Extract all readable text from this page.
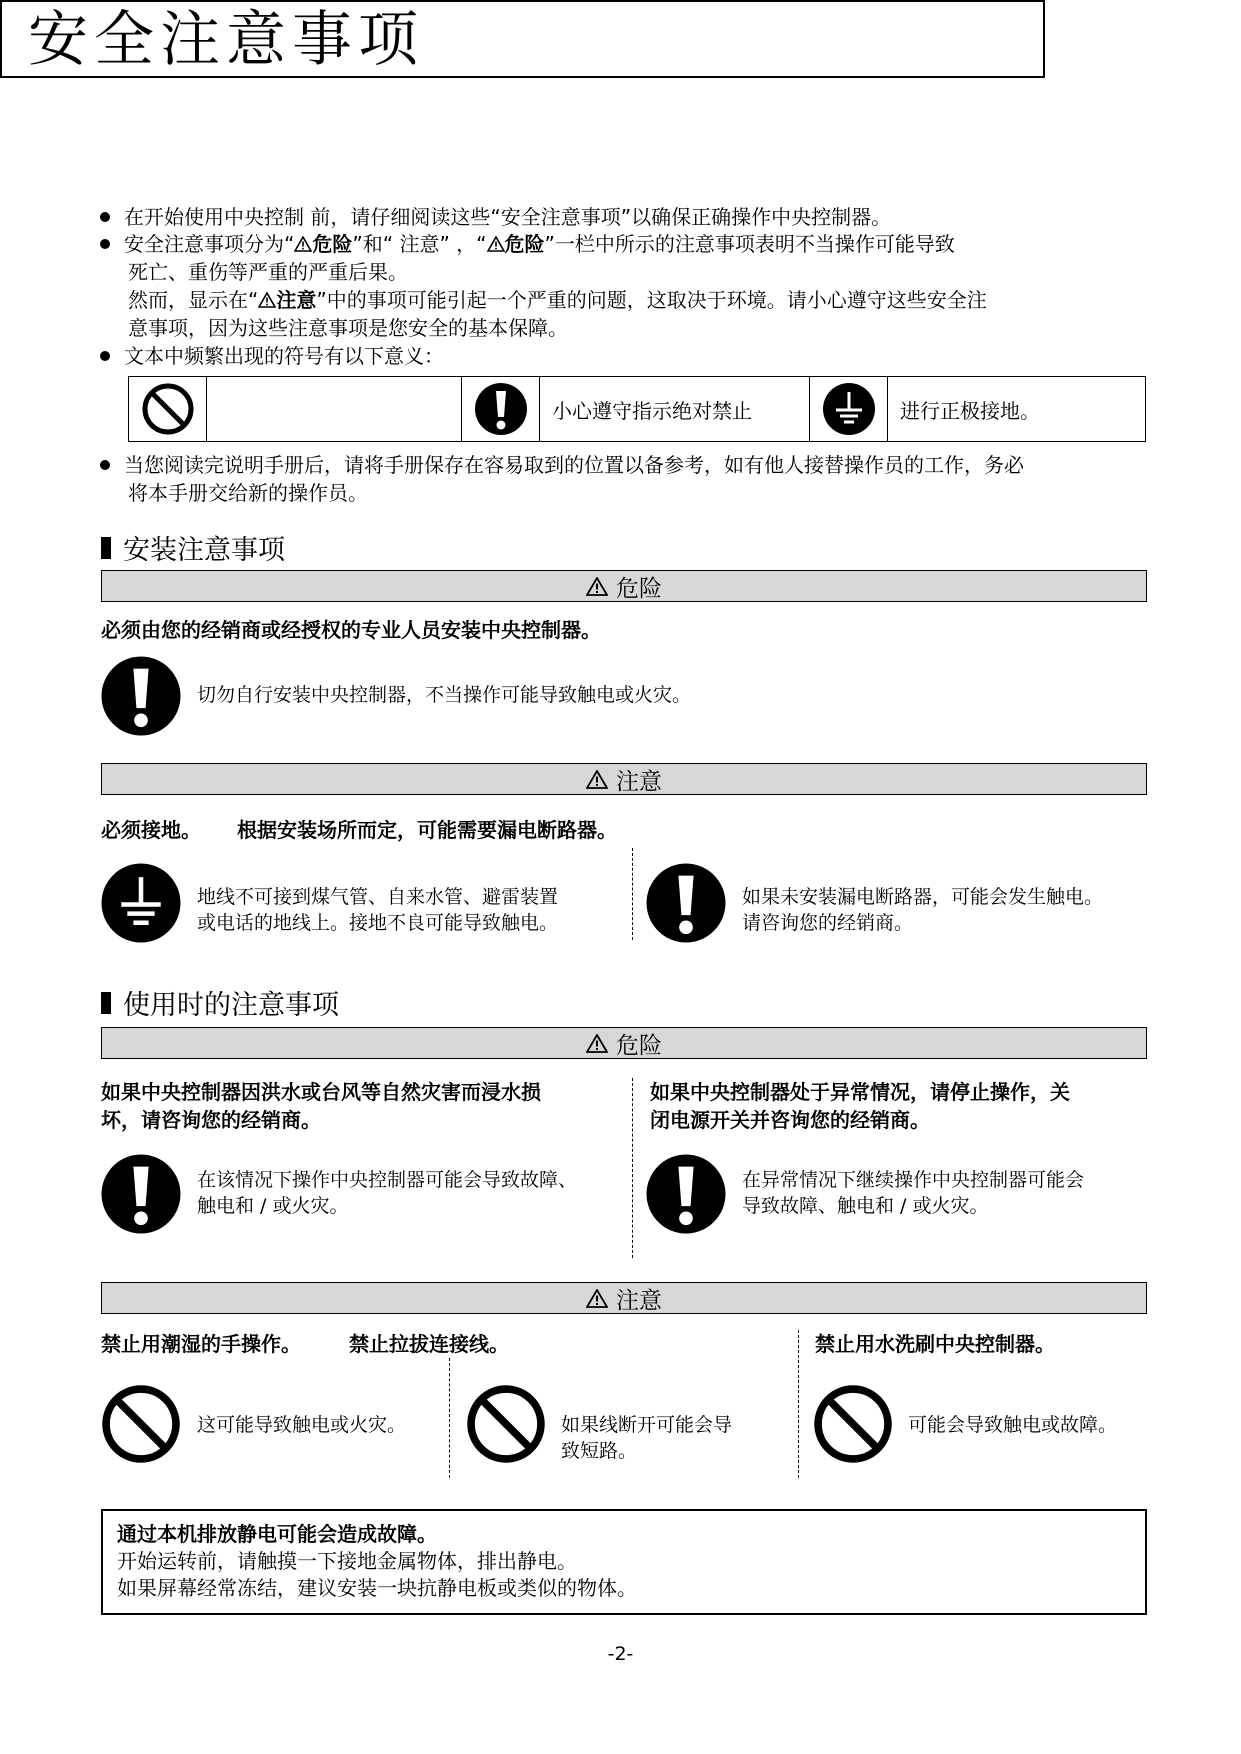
安全注意事项
在开始使用中央控制 前，请仔细阅读这些“安全注意事项”以确保正确操作中央控制器。
安全注意事项分为“ 危险”和“ 注意” ，“ 危险”一栏中所示的注意事项表明不当操作可能导致
死亡、重伤等严重的严重后果。
然而，显示在“ 注意”中的事项可能引起一个严重的问题，这取决于环境。请小心遵守这些安全注
意事项，因为这些注意事项是您安全的基本保障。
文本中频繁出现的符号有以下意义：
小心遵守指示绝对禁止	进行正极接地。
当您阅读完说明手册后，请将手册保存在容易取到的位置以备参考，如有他人接替操作员的工作，务必
将本手册交给新的操作员。
安装注意事项
危险
必须由您的经销商或经授权的专业人员安装中央控制器。
切勿自行安装中央控制器，不当操作可能导致触电或火灾。
注意
必须接地。 根据安装场所而定，可能需要漏电断路器。
地线不可接到煤气管、自来水管、避雷装置
或电话的地线上。接地不良可能导致触电。
如果未安装漏电断路器，可能会发生触电。
请咨询您的经销商。
使用时的注意事项
危险
如果中央控制器因洪水或台风等自然灾害而浸水损
坏，请咨询您的经销商。
如果中央控制器处于异常情况，请停止操作，关
闭电源开关并咨询您的经销商。
在该情况下操作中央控制器可能会导致故障、
触电和 / 或火灾。
在异常情况下继续操作中央控制器可能会
导致故障、触电和 / 或火灾。
注意
禁止用潮湿的手操作。 禁止拉拔连接线。	禁止用水洗刷中央控制器。
这可能导致触电或火灾。	如果线断开可能会导
致短路。
可能会导致触电或故障。
通过本机排放静电可能会造成故障。
开始运转前，请触摸一下接地金属物体，排出静电。
如果屏幕经常冻结，建议安装一块抗静电板或类似的物体。
-2-
